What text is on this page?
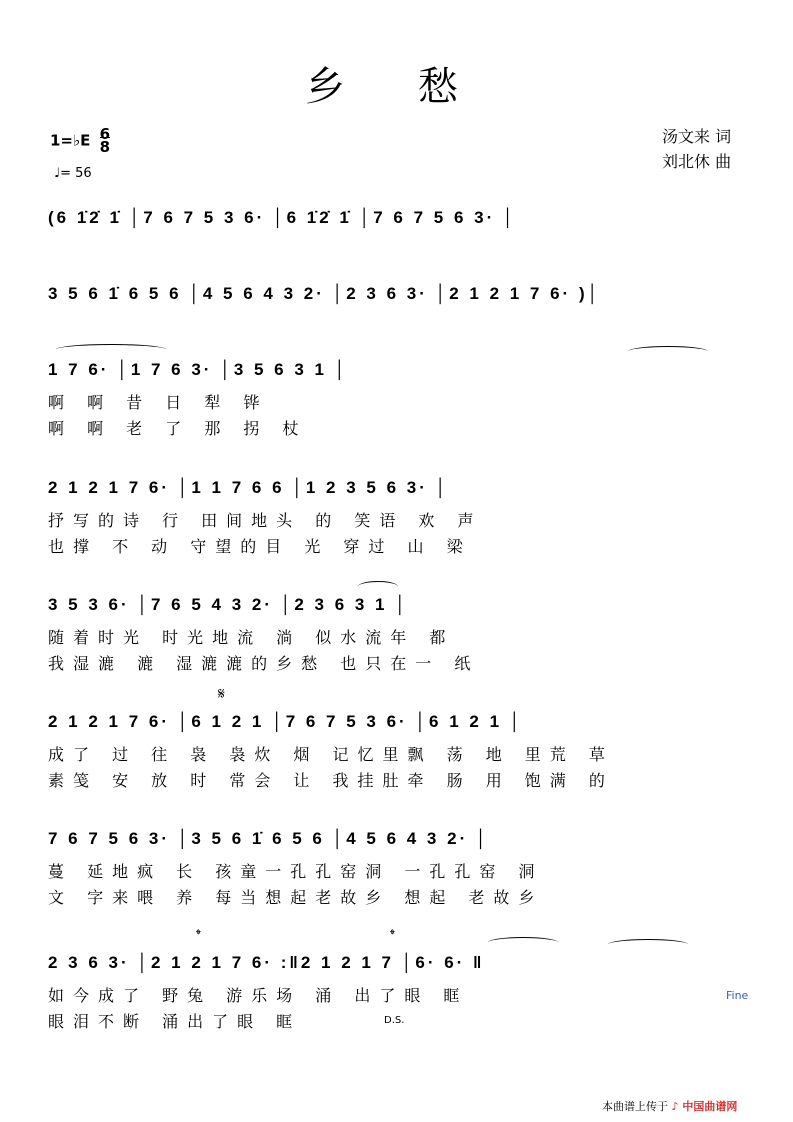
乡 愁
1=♭E 6
8
♩= 56
汤文来 词
刘北休 曲
(6 1̇2̇ 1̇ │7 6 7 5 3 6· │6 1̇2̇ 1̇ │7 6 7 5 6 3· │
3 5 6 1̇ 6 5 6 │4 5 6 4 3 2· │2 3 6 3· │2 1 2 1 7 6· )│
1 7 6· │1 7 6 3· │3 5 6 3 1 │
啊 啊 昔 日 犁 铧
啊 啊 老 了 那 拐 杖
2 1 2 1 7 6· │1 1 7 6 6 │1 2 3 5 6 3· │
抒写的诗 行 田间地头 的 笑语 欢 声
也撑 不 动 守望的目 光 穿过 山 梁
3 5 3 6· │7 6 5 4 3 2· │2 3 6 3 1 │
随着时光 时光地流 淌 似水流年 都
我湿漉 漉 湿漉漉的乡愁 也只在一 纸
𝄋
2 1 2 1 7 6· │6 1 2 1 │7 6 7 5 3 6· │6 1 2 1 │
成了 过 往 袅 袅炊 烟 记忆里飘 荡 地 里荒 草
素笺 安 放 时 常会 让 我挂肚牵 肠 用 饱满 的
7 6 7 5 6 3· │3 5 6 1̇ 6 5 6 │4 5 6 4 3 2· │
蔓 延地疯 长 孩童一孔孔窑洞 一孔孔窑 洞
文 字来喂 养 每当想起老故乡 想起 老故乡
𝄌	𝄌
2 3 6 3· │2 1 2 1 7 6· :‖2 1 2 1 7 │6· 6· ‖
如今成了 野兔 游乐场 涌 出了眼 眶
眼泪不断 涌出了眼 眶
Fine
D.S.
本曲谱上传于 ♪ 中国曲谱网
